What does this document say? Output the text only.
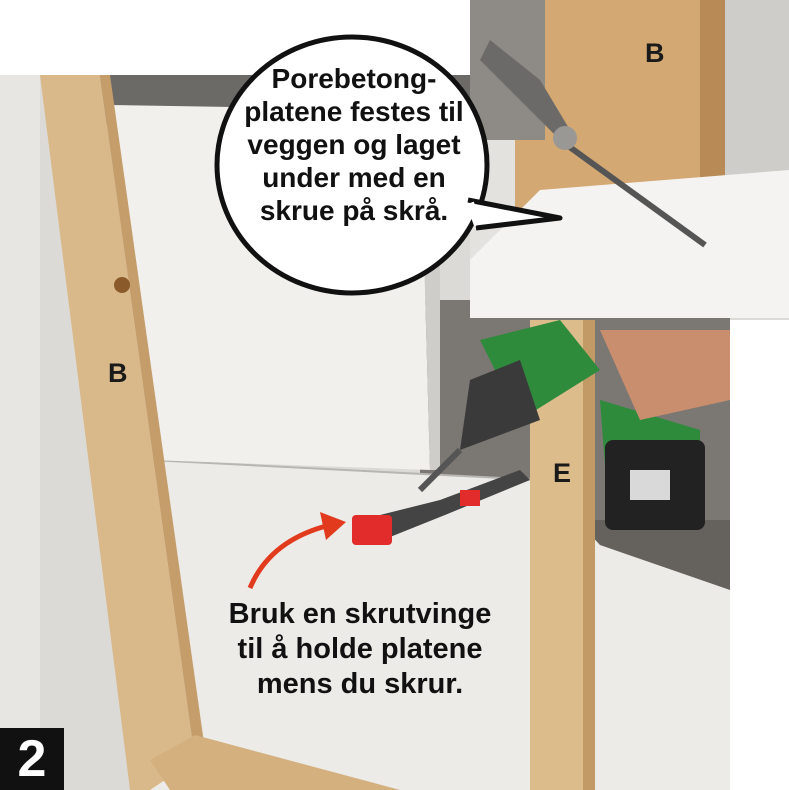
Porebetong-
platene festes til
veggen og laget
under med en
skrue på skrå.
B
B
E
Bruk en skrutvinge
til å holde platene
mens du skrur.
2
